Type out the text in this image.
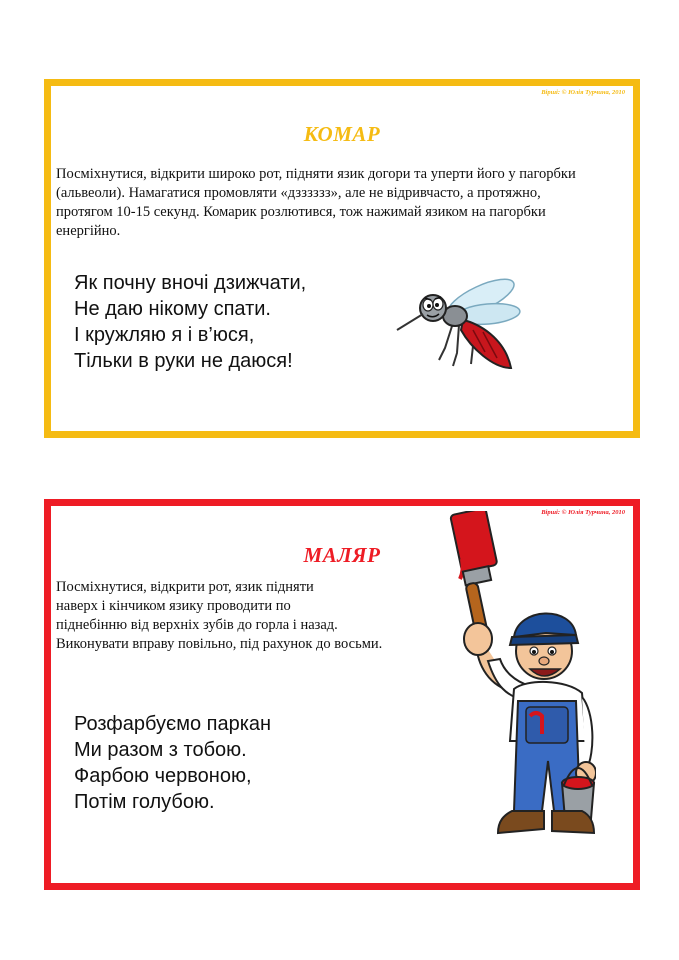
Вірші: © Юлія Турчина, 2010
КОМАР

Посміхнутися, відкрити широко рот, підняти язик догори та уперти його у пагорбки
(альвеоли). Намагатися промовляти «дзззззз», але не відривчасто, а протяжно,
протягом 10-15 секунд. Комарик розлютився, тож нажимай язиком на пагорбки
енергійно.

Як почну вночі дзижчати,
Не даю нікому спати.
І кружляю я і в’юся,
Тільки в руки не даюся!

Вірші: © Юлія Турчина, 2010
МАЛЯР

Посміхнутися, відкрити рот, язик підняти
наверх і кінчиком язику проводити по
піднебінню від верхніх зубів до горла і назад.
Виконувати вправу повільно, під рахунок до восьми.

Розфарбуємо паркан
Ми разом з тобою.
Фарбою червоною,
Потім голубою.
